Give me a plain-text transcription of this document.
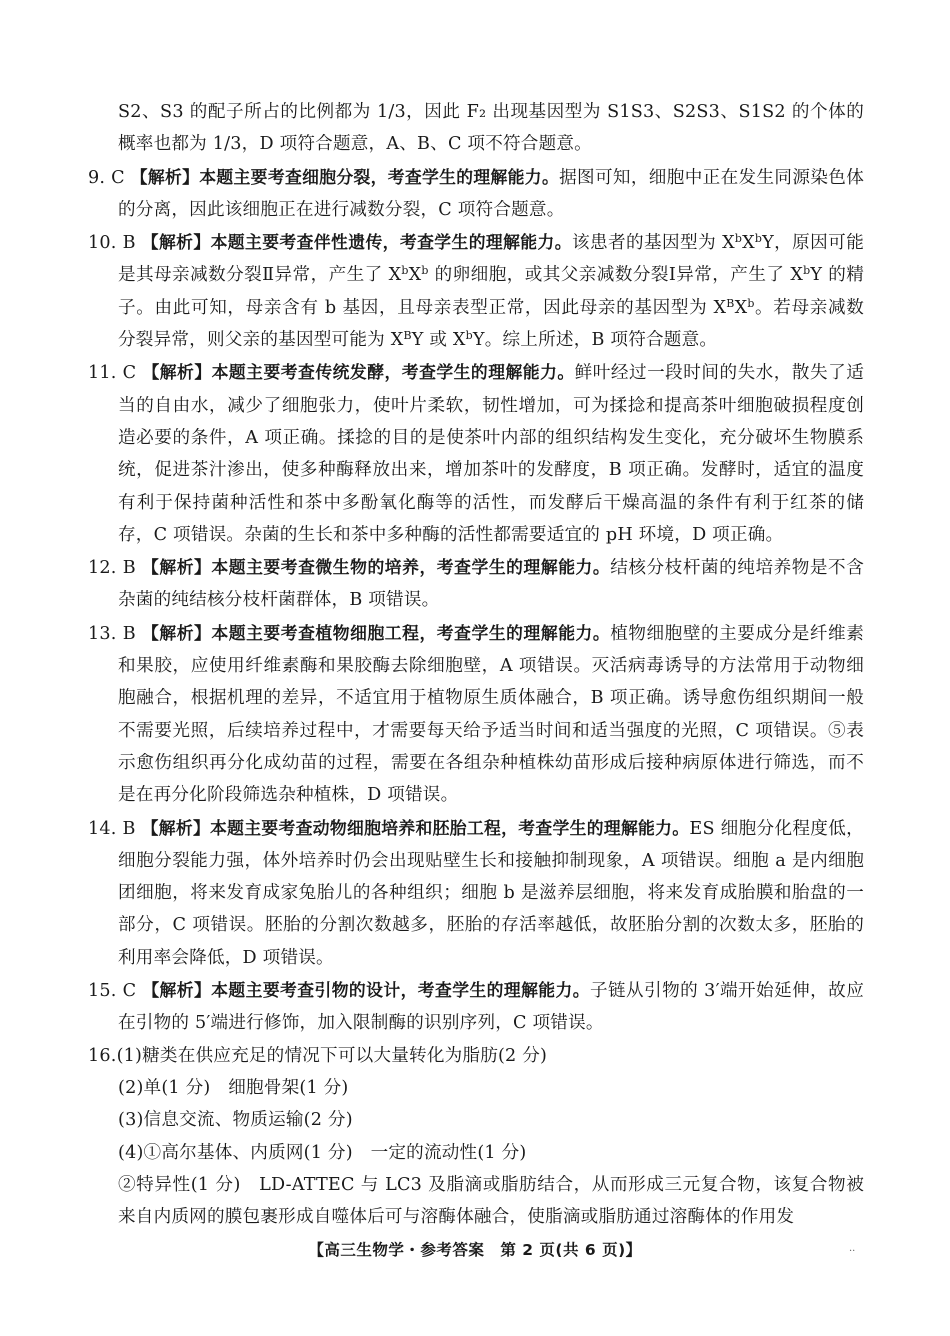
S2、S3 的配子所占的比例都为 1/3，因此 F₂ 出现基因型为 S1S3、S2S3、S1S2 的个体的概率也都为 1/3，D 项符合题意，A、B、C 项不符合题意。

9. C 【解析】本题主要考查细胞分裂，考查学生的理解能力。据图可知，细胞中正在发生同源染色体的分离，因此该细胞正在进行减数分裂，C 项符合题意。

10. B 【解析】本题主要考查伴性遗传，考查学生的理解能力。该患者的基因型为 $X^bX^bY$，原因可能是其母亲减数分裂Ⅱ异常，产生了 $X^bX^b$ 的卵细胞，或其父亲减数分裂Ⅰ异常，产生了 $X^bY$ 的精子。由此可知，母亲含有 b 基因，且母亲表型正常，因此母亲的基因型为 $X^BX^b$。若母亲减数分裂异常，则父亲的基因型可能为 $X^BY$ 或 $X^bY$。综上所述，B 项符合题意。

11. C 【解析】本题主要考查传统发酵，考查学生的理解能力。鲜叶经过一段时间的失水，散失了适当的自由水，减少了细胞张力，使叶片柔软，韧性增加，可为揉捻和提高茶叶细胞破损程度创造必要的条件，A 项正确。揉捻的目的是使茶叶内部的组织结构发生变化，充分破坏生物膜系统，促进茶汁渗出，使多种酶释放出来，增加茶叶的发酵度，B 项正确。发酵时，适宜的温度有利于保持菌种活性和茶中多酚氧化酶等的活性，而发酵后干燥高温的条件有利于红茶的储存，C 项错误。杂菌的生长和茶中多种酶的活性都需要适宜的 pH 环境，D 项正确。

12. B 【解析】本题主要考查微生物的培养，考查学生的理解能力。结核分枝杆菌的纯培养物是不含杂菌的纯结核分枝杆菌群体，B 项错误。

13. B 【解析】本题主要考查植物细胞工程，考查学生的理解能力。植物细胞壁的主要成分是纤维素和果胶，应使用纤维素酶和果胶酶去除细胞壁，A 项错误。灭活病毒诱导的方法常用于动物细胞融合，根据机理的差异，不适宜用于植物原生质体融合，B 项正确。诱导愈伤组织期间一般不需要光照，后续培养过程中，才需要每天给予适当时间和适当强度的光照，C 项错误。⑤表示愈伤组织再分化成幼苗的过程，需要在各组杂种植株幼苗形成后接种病原体进行筛选，而不是在再分化阶段筛选杂种植株，D 项错误。

14. B 【解析】本题主要考查动物细胞培养和胚胎工程，考查学生的理解能力。ES 细胞分化程度低，细胞分裂能力强，体外培养时仍会出现贴壁生长和接触抑制现象，A 项错误。细胞 a 是内细胞团细胞，将来发育成家兔胎儿的各种组织；细胞 b 是滋养层细胞，将来发育成胎膜和胎盘的一部分，C 项错误。胚胎的分割次数越多，胚胎的存活率越低，故胚胎分割的次数太多，胚胎的利用率会降低，D 项错误。

15. C 【解析】本题主要考查引物的设计，考查学生的理解能力。子链从引物的 3′端开始延伸，故应在引物的 5′端进行修饰，加入限制酶的识别序列，C 项错误。

16.(1)糖类在供应充足的情况下可以大量转化为脂肪(2 分)

(2)单(1 分)　细胞骨架(1 分)

(3)信息交流、物质运输(2 分)

(4)①高尔基体、内质网(1 分)　一定的流动性(1 分)

②特异性(1 分)　LD-ATTEC 与 LC3 及脂滴或脂肪结合，从而形成三元复合物，该复合物被来自内质网的膜包裹形成自噬体后可与溶酶体融合，使脂滴或脂肪通过溶酶体的作用发

【高三生物学・参考答案　第 2 页(共 6 页)】	··
